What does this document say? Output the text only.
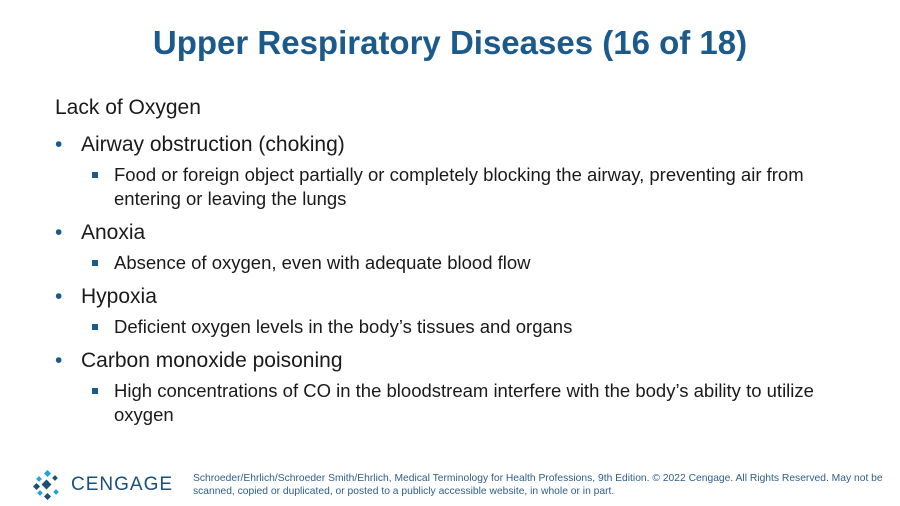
Upper Respiratory Diseases (16 of 18)
Lack of Oxygen
• Airway obstruction (choking)
Food or foreign object partially or completely blocking the airway, preventing air from entering or leaving the lungs
• Anoxia
Absence of oxygen, even with adequate blood flow
• Hypoxia
Deficient oxygen levels in the body’s tissues and organs
• Carbon monoxide poisoning
High concentrations of CO in the bloodstream interfere with the body’s ability to utilize oxygen
CENGAGE Schroeder/Ehrlich/Schroeder Smith/Ehrlich, Medical Terminology for Health Professions, 9th Edition. © 2022 Cengage. All Rights Reserved. May not be scanned, copied or duplicated, or posted to a publicly accessible website, in whole or in part.
